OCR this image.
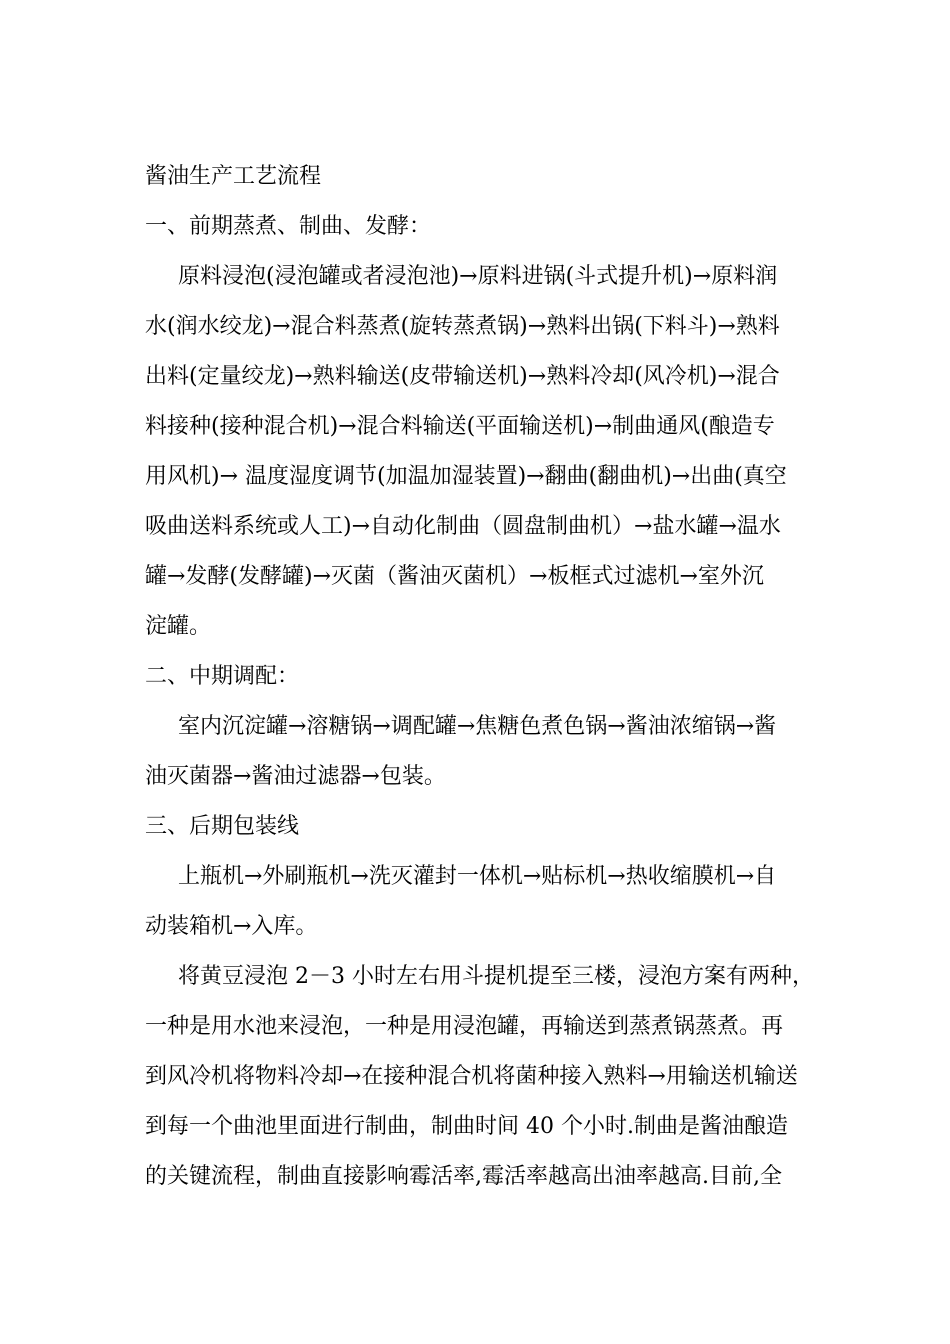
酱油生产工艺流程

一、前期蒸煮、制曲、发酵：

原料浸泡(浸泡罐或者浸泡池)→原料进锅(斗式提升机)→原料润
水(润水绞龙)→混合料蒸煮(旋转蒸煮锅)→熟料出锅(下料斗)→熟料
出料(定量绞龙)→熟料输送(皮带输送机)→熟料冷却(风冷机)→混合
料接种(接种混合机)→混合料输送(平面输送机)→制曲通风(酿造专
用风机)→ 温度湿度调节(加温加湿装置)→翻曲(翻曲机)→出曲(真空
吸曲送料系统或人工)→自动化制曲（圆盘制曲机）→盐水罐→温水
罐→发酵(发酵罐)→灭菌（酱油灭菌机）→板框式过滤机→室外沉
淀罐。

二、中期调配：

室内沉淀罐→溶糖锅→调配罐→焦糖色煮色锅→酱油浓缩锅→酱
油灭菌器→酱油过滤器→包装。

三、后期包装线

上瓶机→外刷瓶机→洗灭灌封一体机→贴标机→热收缩膜机→自
动装箱机→入库。
将黄豆浸泡 2－3 小时左右用斗提机提至三楼，浸泡方案有两种，
一种是用水池来浸泡，一种是用浸泡罐，再输送到蒸煮锅蒸煮。再
到风冷机将物料冷却→在接种混合机将菌种接入熟料→用输送机输送
到每一个曲池里面进行制曲，制曲时间 40 个小时.制曲是酱油酿造
的关键流程，制曲直接影响霉活率,霉活率越高出油率越高.目前,全
